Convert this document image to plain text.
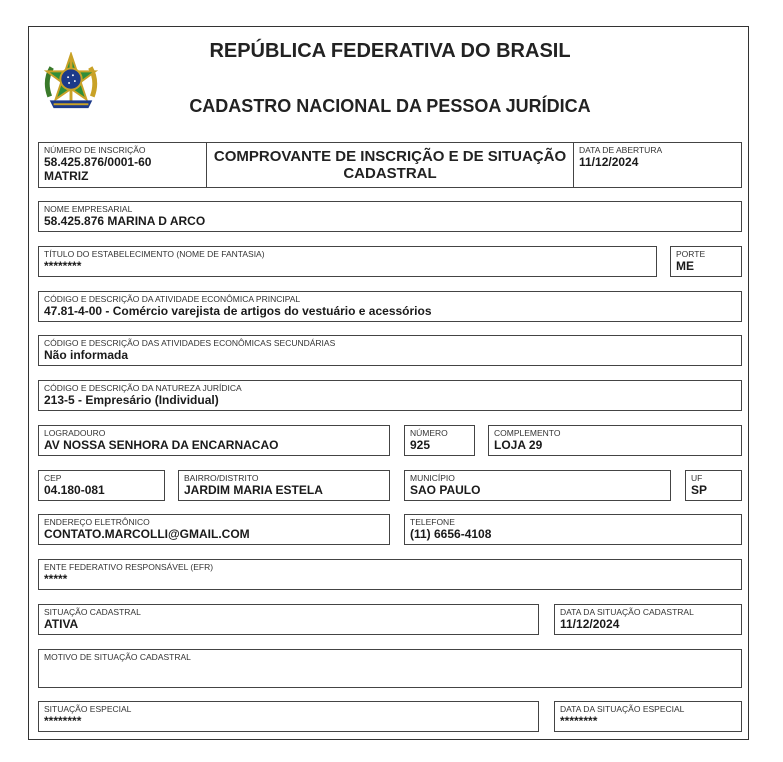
REPÚBLICA FEDERATIVA DO BRASIL
CADASTRO NACIONAL DA PESSOA JURÍDICA
NÚMERO DE INSCRIÇÃO
58.425.876/0001-60
MATRIZ
COMPROVANTE DE INSCRIÇÃO E DE SITUAÇÃO CADASTRAL
DATA DE ABERTURA
11/12/2024
NOME EMPRESARIAL
58.425.876 MARINA D ARCO
TÍTULO DO ESTABELECIMENTO (NOME DE FANTASIA)
********
PORTE
ME
CÓDIGO E DESCRIÇÃO DA ATIVIDADE ECONÔMICA PRINCIPAL
47.81-4-00 - Comércio varejista de artigos do vestuário e acessórios
CÓDIGO E DESCRIÇÃO DAS ATIVIDADES ECONÔMICAS SECUNDÁRIAS
Não informada
CÓDIGO E DESCRIÇÃO DA NATUREZA JURÍDICA
213-5 - Empresário (Individual)
LOGRADOURO
AV NOSSA SENHORA DA ENCARNACAO
NÚMERO
925
COMPLEMENTO
LOJA 29
CEP
04.180-081
BAIRRO/DISTRITO
JARDIM MARIA ESTELA
MUNICÍPIO
SAO PAULO
UF
SP
ENDEREÇO ELETRÔNICO
CONTATO.MARCOLLI@GMAIL.COM
TELEFONE
(11) 6656-4108
ENTE FEDERATIVO RESPONSÁVEL (EFR)
*****
SITUAÇÃO CADASTRAL
ATIVA
DATA DA SITUAÇÃO CADASTRAL
11/12/2024
MOTIVO DE SITUAÇÃO CADASTRAL
SITUAÇÃO ESPECIAL
********
DATA DA SITUAÇÃO ESPECIAL
********
